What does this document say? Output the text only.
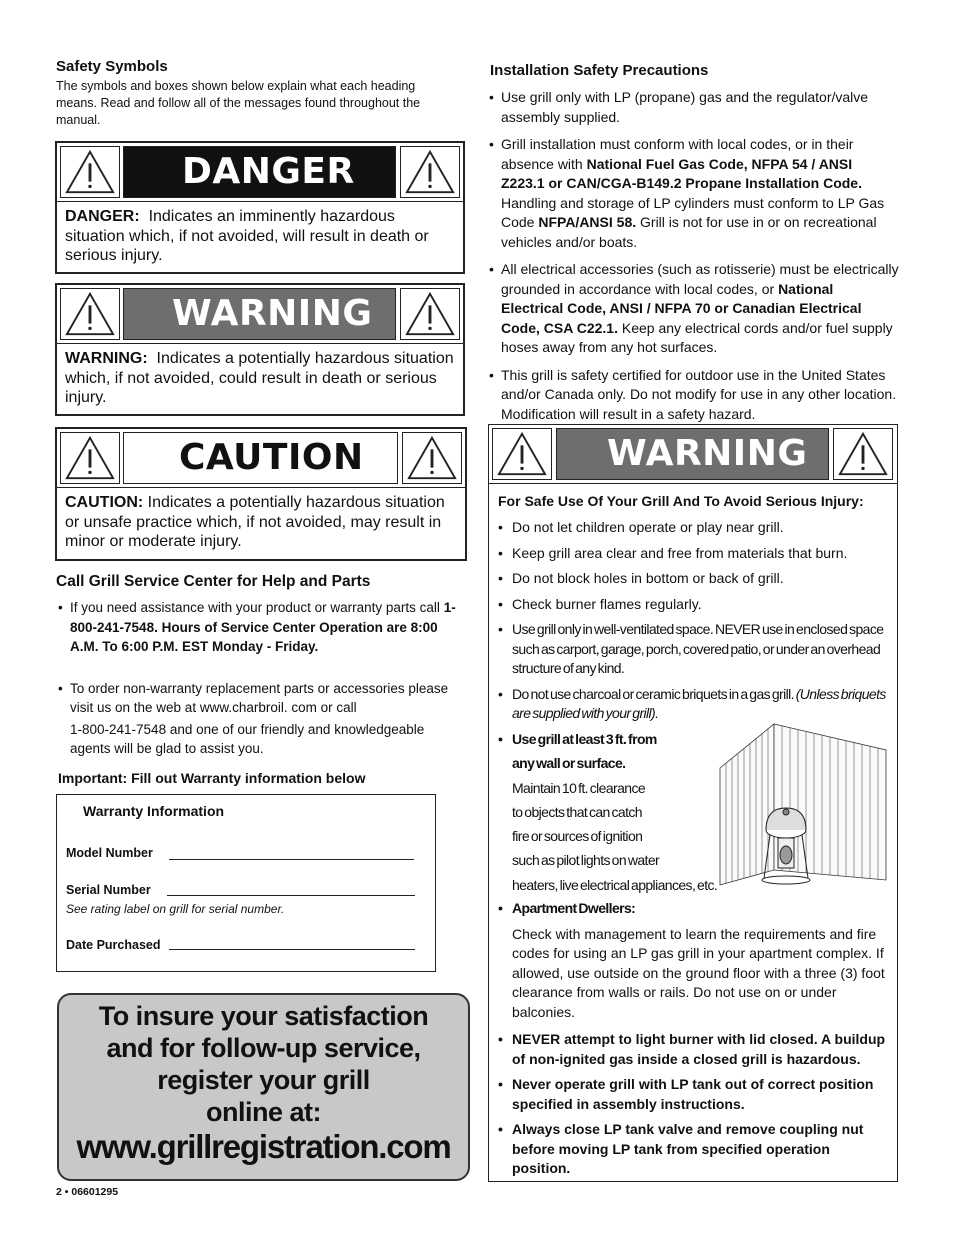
Safety Symbols
The symbols and boxes shown below explain what each heading means. Read and follow all of the messages found throughout the manual.
DANGER
DANGER: Indicates an imminently hazardous situation which, if not avoided, will result in death or serious injury.
WARNING
WARNING: Indicates a potentially hazardous situation which, if not avoided, could result in death or serious injury.
CAUTION
CAUTION: Indicates a potentially hazardous situation or unsafe practice which, if not avoided, may result in minor or moderate injury.
Call Grill Service Center for Help and Parts
• If you need assistance with your product or warranty parts call 1-800-241-7548. Hours of Service Center Operation are 8:00 A.M. To 6:00 P.M. EST Monday - Friday.
• To order non-warranty replacement parts or accessories please visit us on the web at www.charbroil. com or call
1-800-241-7548 and one of our friendly and knowledgeable agents will be glad to assist you.
Important: Fill out Warranty information below
Warranty Information
Model Number
Serial Number
See rating label on grill for serial number.
Date Purchased
To insure your satisfaction
and for follow-up service,
register your grill
online at:
www.grillregistration.com
2 • 06601295
Installation Safety Precautions
• Use grill only with LP (propane) gas and the regulator/valve assembly supplied.
• Grill installation must conform with local codes, or in their absence with National Fuel Gas Code, NFPA 54 / ANSI Z223.1 or CAN/CGA-B149.2 Propane Installation Code. Handling and storage of LP cylinders must conform to LP Gas Code NFPA/ANSI 58. Grill is not for use in or on recreational vehicles and/or boats.
• All electrical accessories (such as rotisserie) must be electrically grounded in accordance with local codes, or National Electrical Code, ANSI / NFPA 70 or Canadian Electrical Code, CSA C22.1. Keep any electrical cords and/or fuel supply hoses away from any hot surfaces.
• This grill is safety certified for outdoor use in the United States and/or Canada only. Do not modify for use in any other location. Modification will result in a safety hazard.
WARNING
For Safe Use Of Your Grill And To Avoid Serious Injury:
• Do not let children operate or play near grill.
• Keep grill area clear and free from materials that burn.
• Do not block holes in bottom or back of grill.
• Check burner flames regularly.
• Use grill only in well-ventilated space. NEVER use in enclosed space such as carport, garage, porch, covered patio, or under an overhead structure of any kind.
• Do not use charcoal or ceramic briquets in a gas grill. (Unless briquets are supplied with your grill).
• Use grill at least 3 ft. from
any wall or surface.
Maintain 10 ft. clearance
to objects that can catch
fire or sources of ignition
such as pilot lights on water
heaters, live electrical appliances, etc.
• Apartment Dwellers:
Check with management to learn the requirements and fire codes for using an LP gas grill in your apartment complex. If allowed, use outside on the ground floor with a three (3) foot clearance from walls or rails. Do not use on or under balconies.
• NEVER attempt to light burner with lid closed. A buildup of non-ignited gas inside a closed grill is hazardous.
• Never operate grill with LP tank out of correct position specified in assembly instructions.
• Always close LP tank valve and remove coupling nut before moving LP tank from specified operation position.
